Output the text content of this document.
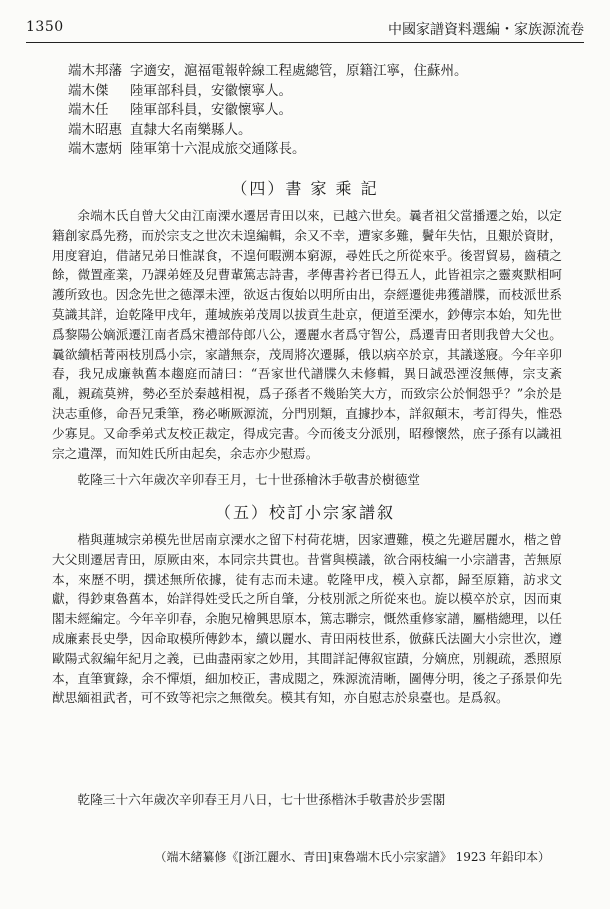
1350	中國家譜資料選編・家族源流卷
端木邦藩 字適安，滬福電報幹線工程處總管，原籍江寧，住蘇州。
端木傑 陸軍部科員，安徽懷寧人。
端木任 陸軍部科員，安徽懷寧人。
端木昭惠 直隸大名南樂縣人。
端木憲炳 陸軍第十六混成旅交通隊長。
（四）書 家 乘 記

余端木氏自曾大父由江南溧水遷居青田以來，已越六世矣。曩者祖父當播遷之始，以定籍創家爲先務，而於宗支之世次未遑編輯，余又不幸，遭家多難，鬢年失怙，且艱於資財，用度窘迫，借諸兄弟日惟謀食，不遑何暇溯本窮源，尋姓氏之所從來乎。後習貿易，齒積之餘，微置產業，乃課弟姪及兒曹輩篤志詩書，孝傳書衿者已得五人，此皆祖宗之靈爽默相呵護所致也。因念先世之德澤未湮，欲返古復始以明所由出，奈經遷徙弗獲譜牒，而枝派世系莫識其詳，迨乾隆甲戌年，蓮城族弟茂周以拔貢生赴京，便道至溧水，鈔傳宗本始，知先世爲黎陽公嫡派遷江南者爲宋禮部侍郎八公，遷麗水者爲守智公，爲遷青田者則我曾大父也。曩欲續栝菁兩枝別爲小宗，家譜無奈，茂周將次遷縣，俄以病卒於京，其議遂寢。今年辛卯春，我兄成廉執舊本趨庭而請曰：“吾家世代譜牒久未修輯，異日誠恐湮沒無傳，宗支紊亂，親疏莫辨，勢必至於秦越相視，爲子孫者不幾貽笑大方，而致宗公於恫怨乎？”余於是決志重修，命吾兄秉筆，務必晰厥源流，分門別類，直據抄本，詳叙顛末，考訂得失，惟恐少寡見。又命季弟式友校正裁定，得成完書。今而後支分派別，昭穆懷然，庶子孫有以識祖宗之遺澤，而知姓氏所由起矣，余志亦少慰焉。

乾隆三十六年歲次辛卯春王月，七十世孫檜沐手敬書於樹德堂

（五）校訂小宗家譜叙

楷與蓮城宗弟模先世居南京溧水之留下村荷花塘，因家遭難，模之先避居麗水，楷之曾大父則遷居青田，原厥由來，本同宗共貫也。昔嘗與模議，欲合兩枝編一小宗譜書，苦無原本，來歷不明，撰述無所依據，徒有志而未逮。乾隆甲戌，模入京都，歸至原籍，訪求文獻，得鈔東魯舊本，始詳得姓受氏之所自肇，分枝別派之所從來也。旋以模卒於京，因而東閣未經編定。今年辛卯春，余胞兄檜興思原本，篤志聯宗，慨然重修家譜，屬楷總理，以任成廉素長史學，因命取模所傳鈔本，續以麗水、青田兩枝世系，倣蘇氏法圖大小宗世次，遵歐陽式叙編年紀月之義，已曲盡兩家之妙用，其間詳記傳叙宦蹟，分嫡庶，別親疏，悉照原本，直筆實錄，余不憚煩，細加校正，書成閲之，殊源流清晰，圖傳分明，後之子孫景仰先猷思緬祖武者，可不致等祀宗之無徵矣。模其有知，亦自慰志於泉臺也。是爲叙。

乾隆三十六年歲次辛卯春王月八日，七十世孫楷沐手敬書於步雲閣

（端木緒纂修《[浙江麗水、青田]東魯端木氏小宗家譜》 1923 年鉛印本）
